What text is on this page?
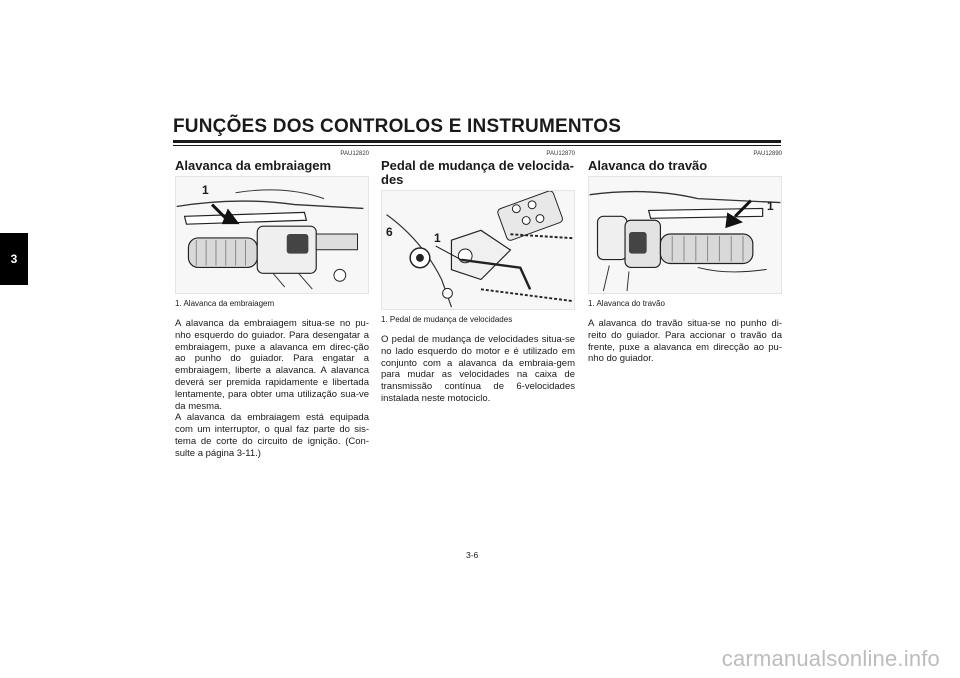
FUNÇÕES DOS CONTROLOS E INSTRUMENTOS
3
PAU12820
Alavanca da embraiagem
1

1. Alavanca da embraiagem

A alavanca da embraiagem situa-se no pu-nho esquerdo do guiador. Para desengatar a embraiagem, puxe a alavanca em direc-ção ao punho do guiador. Para engatar a embraiagem, liberte a alavanca. A alavanca deverá ser premida rapidamente e libertada lentamente, para obter uma utilização sua-ve da mesma.
A alavanca da embraiagem está equipada com um interruptor, o qual faz parte do sis-tema de corte do circuito de ignição. (Con-sulte a página 3-11.)

PAU12870
Pedal de mudança de velocida-des
6	1

1. Pedal de mudança de velocidades

O pedal de mudança de velocidades situa-se no lado esquerdo do motor e é utilizado em conjunto com a alavanca da embraia-gem para mudar as velocidades na caixa de transmissão contínua de 6-velocidades instalada neste motociclo.

PAU12890
Alavanca do travão
1

1. Alavanca do travão

A alavanca do travão situa-se no punho di-reito do guiador. Para accionar o travão da frente, puxe a alavanca em direcção ao pu-nho do guiador.

3-6
carmanualsonline.info
